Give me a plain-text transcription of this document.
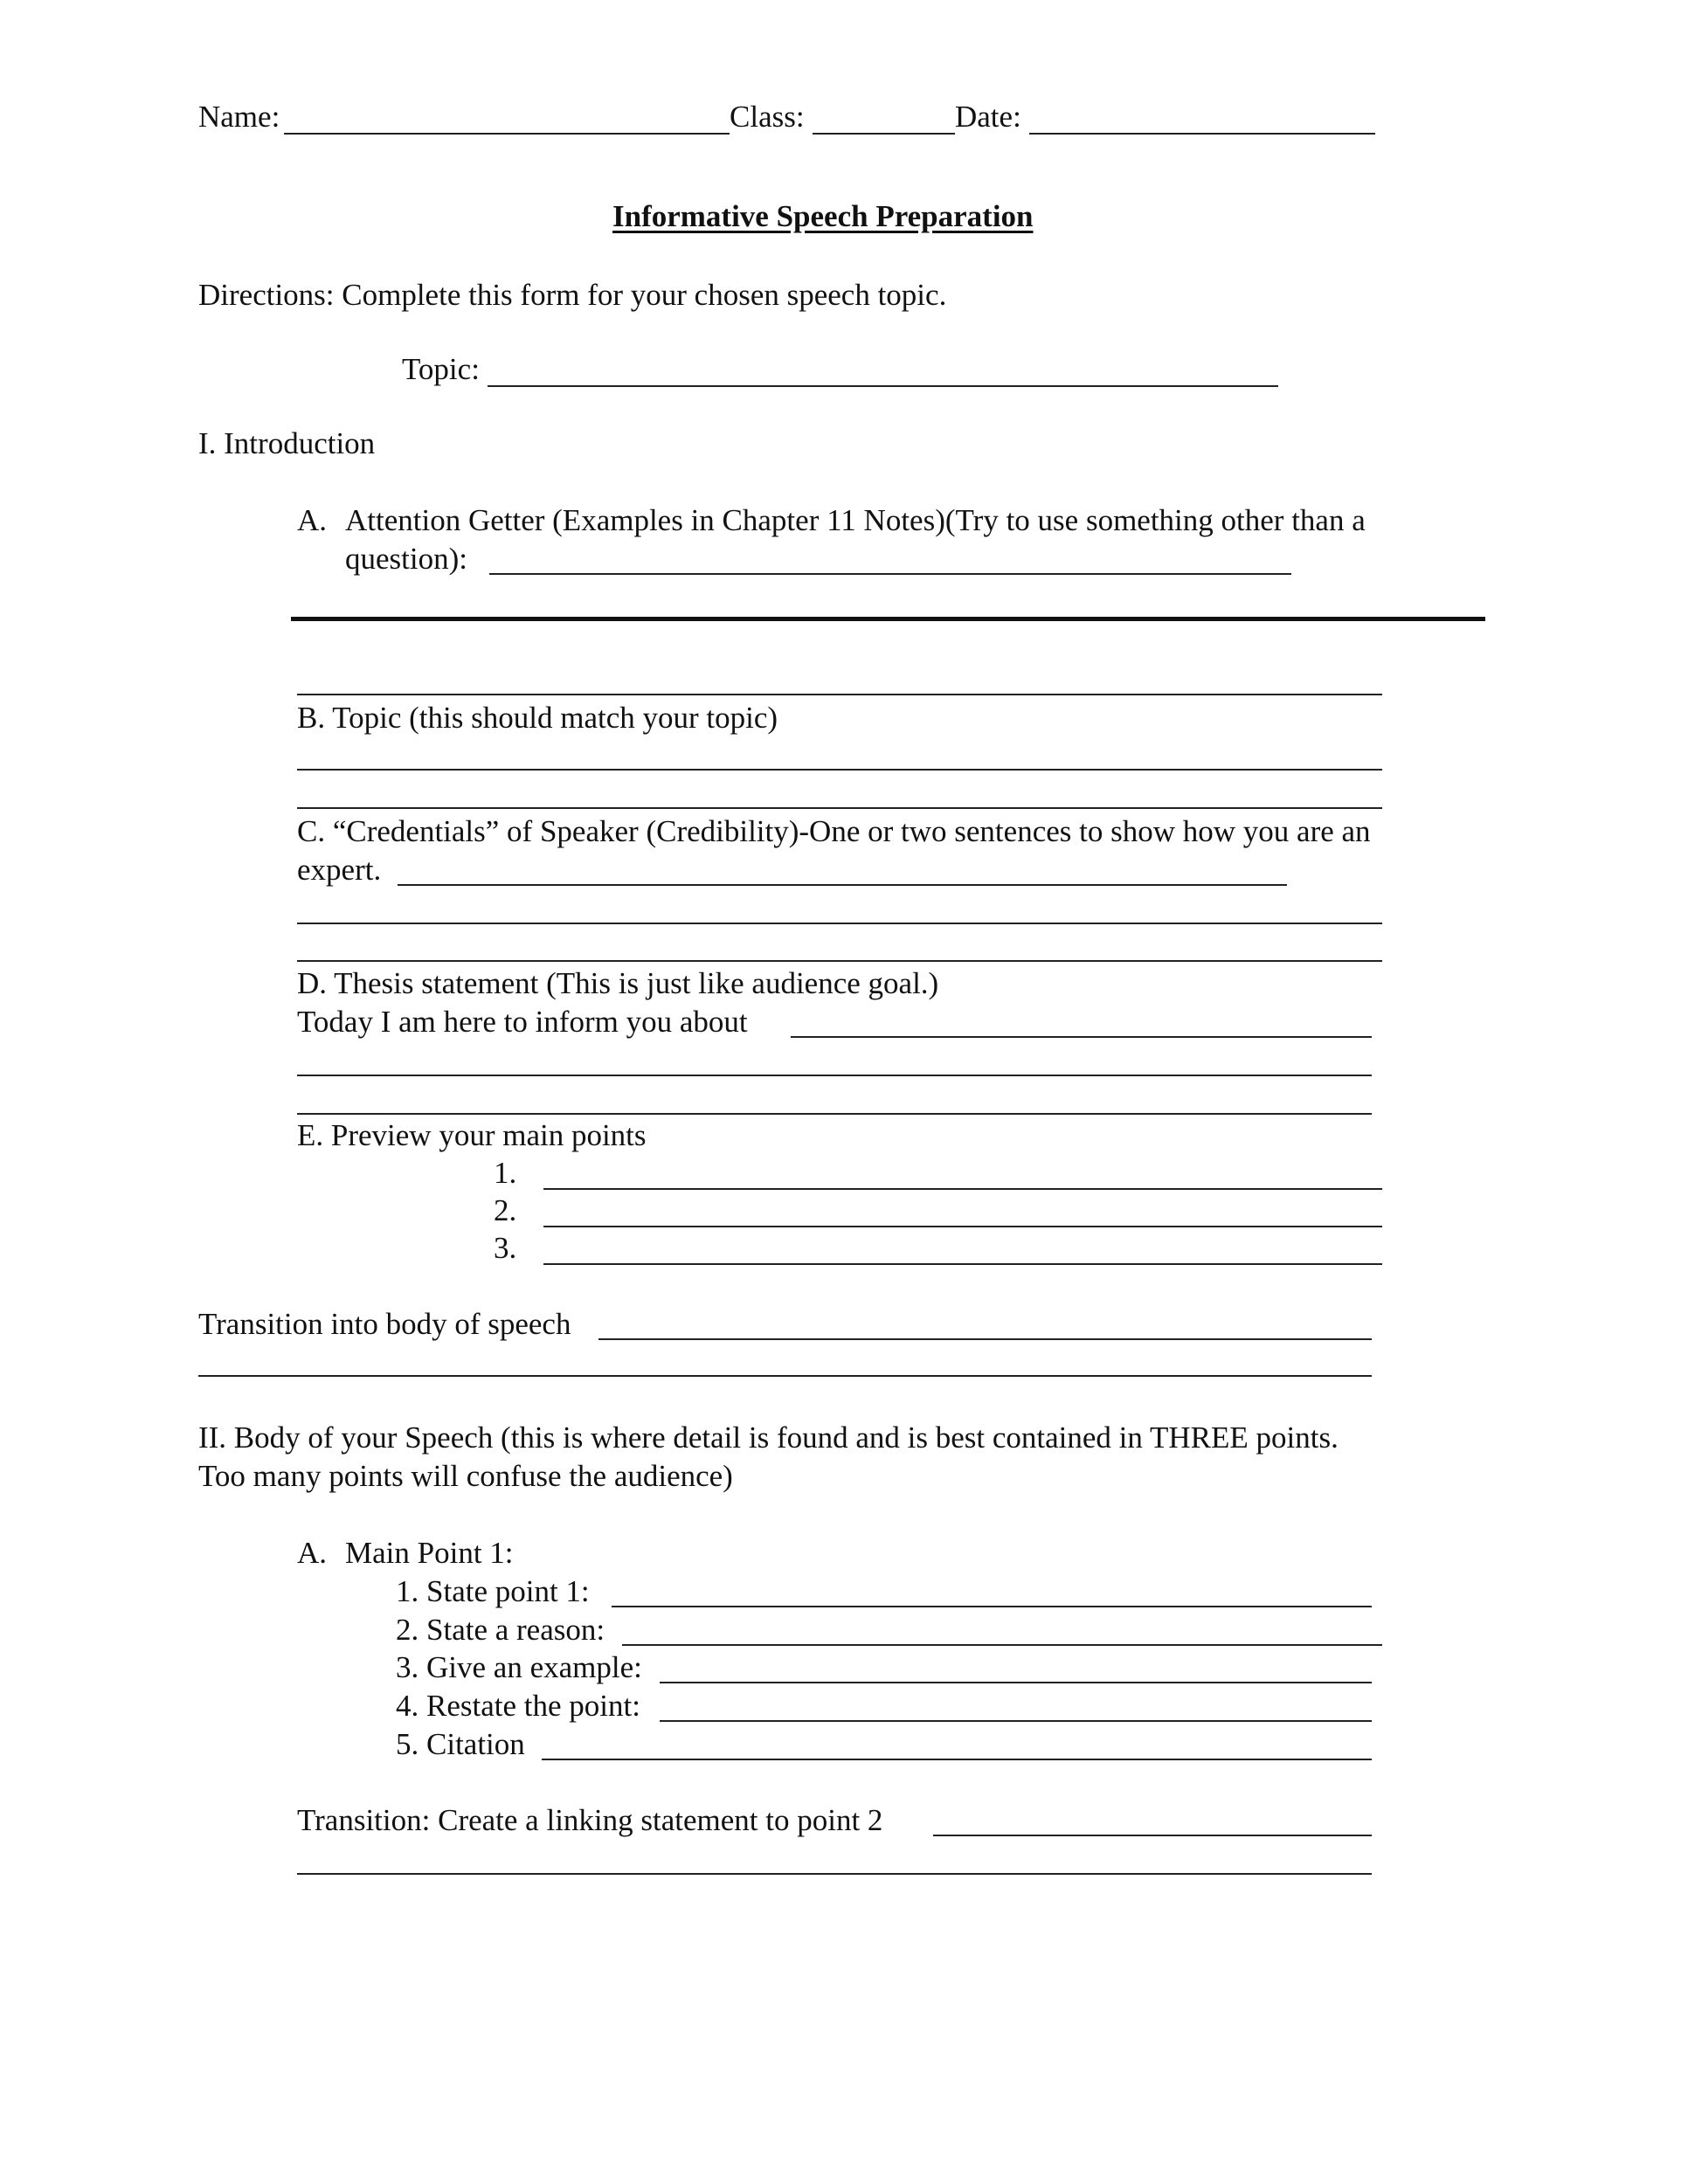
Name:	Class:	Date:
Informative Speech Preparation
Directions: Complete this form for your chosen speech topic.
Topic:
I. Introduction
A. Attention Getter (Examples in Chapter 11 Notes)(Try to use something other than a
question):
B. Topic (this should match your topic)
C. “Credentials” of Speaker (Credibility)-One or two sentences to show how you are an
expert.
D. Thesis statement (This is just like audience goal.)
Today I am here to inform you about
E. Preview your main points
1.
2.
3.
Transition into body of speech
II. Body of your Speech (this is where detail is found and is best contained in THREE points.
Too many points will confuse the audience)
A. Main Point 1:
1. State point 1:
2. State a reason:
3. Give an example:
4. Restate the point:
5. Citation
Transition: Create a linking statement to point 2
